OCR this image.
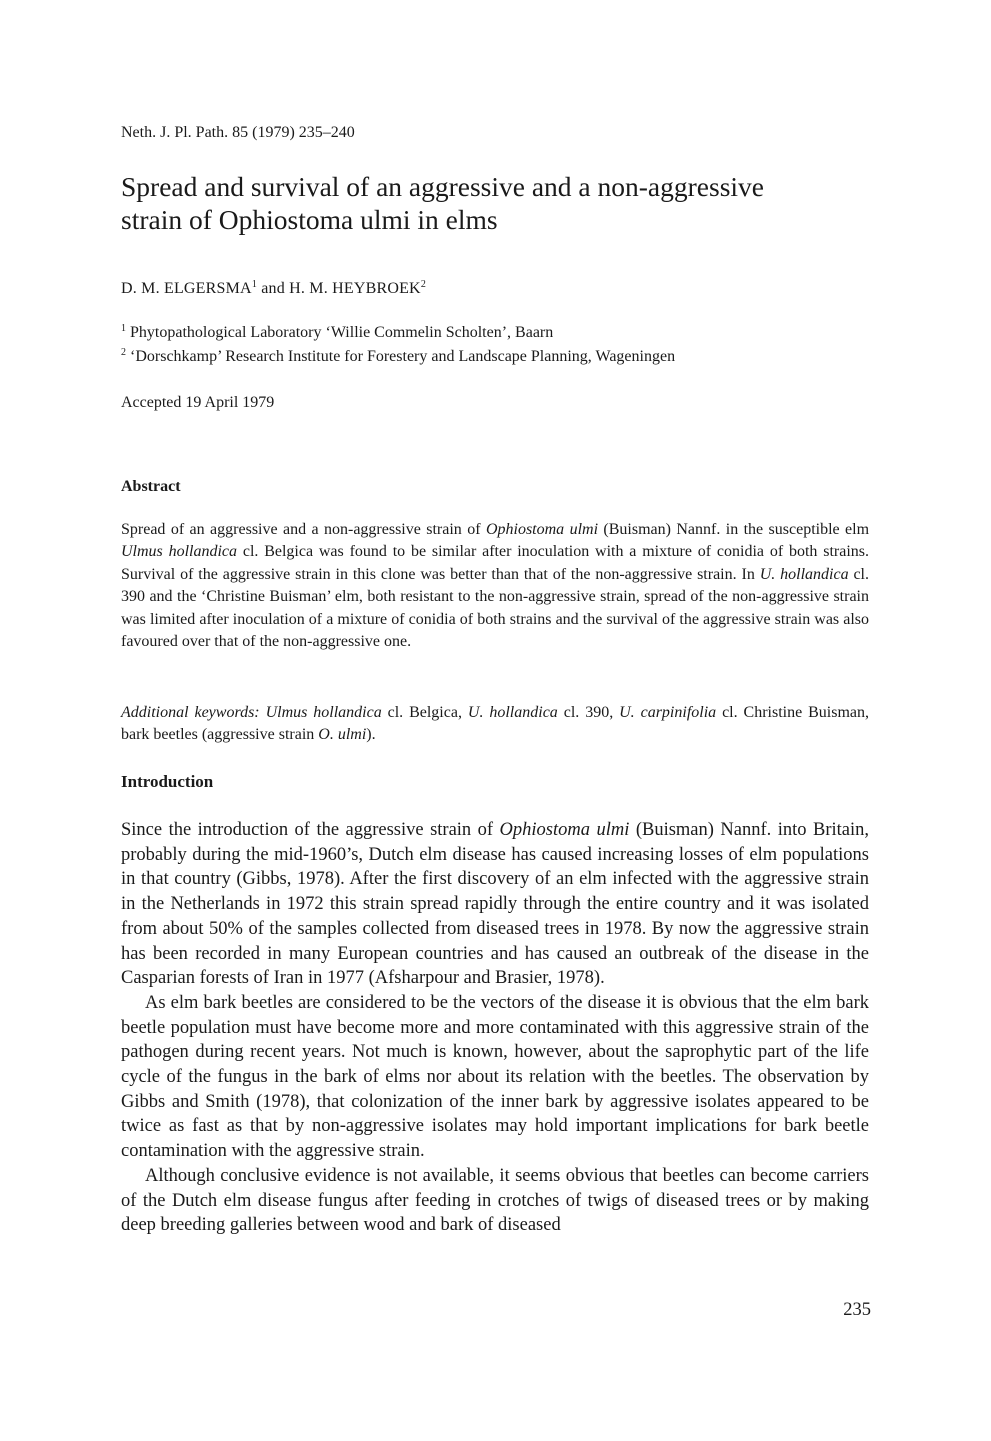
Neth. J. Pl. Path. 85 (1979) 235–240
Spread and survival of an aggressive and a non-aggressive
strain of Ophiostoma ulmi in elms
D. M. ELGERSMA$^1$ and H. M. HEYBROEK$^2$
$^1$ Phytopathological Laboratory ‘Willie Commelin Scholten’, Baarn
$^2$ ‘Dorschkamp’ Research Institute for Forestery and Landscape Planning, Wageningen
Accepted 19 April 1979
Abstract

Spread of an aggressive and a non-aggressive strain of Ophiostoma ulmi (Buisman) Nannf. in the susceptible elm Ulmus hollandica cl. Belgica was found to be similar after inoculation with a mixture of conidia of both strains. Survival of the aggressive strain in this clone was better than that of the non-aggressive strain. In U. hollandica cl. 390 and the ‘Christine Buisman’ elm, both resistant to the non-aggressive strain, spread of the non-aggressive strain was limited after inoculation of a mixture of conidia of both strains and the survival of the aggressive strain was also favoured over that of the non-aggressive one.

Additional keywords: Ulmus hollandica cl. Belgica, U. hollandica cl. 390, U. carpinifolia cl. Christine Buisman, bark beetles (aggressive strain O. ulmi).

Introduction

Since the introduction of the aggressive strain of Ophiostoma ulmi (Buisman) Nannf. into Britain, probably during the mid-1960’s, Dutch elm disease has caused increasing losses of elm populations in that country (Gibbs, 1978). After the first discovery of an elm infected with the aggressive strain in the Netherlands in 1972 this strain spread rapidly through the entire country and it was isolated from about 50% of the samples collected from diseased trees in 1978. By now the aggressive strain has been recorded in many European countries and has caused an outbreak of the disease in the Casparian forests of Iran in 1977 (Afsharpour and Brasier, 1978).

As elm bark beetles are considered to be the vectors of the disease it is obvious that the elm bark beetle population must have become more and more contaminated with this aggressive strain of the pathogen during recent years. Not much is known, however, about the saprophytic part of the life cycle of the fungus in the bark of elms nor about its relation with the beetles. The observation by Gibbs and Smith (1978), that colonization of the inner bark by aggressive isolates appeared to be twice as fast as that by non-aggressive isolates may hold important implications for bark beetle contamination with the aggressive strain.

Although conclusive evidence is not available, it seems obvious that beetles can become carriers of the Dutch elm disease fungus after feeding in crotches of twigs of diseased trees or by making deep breeding galleries between wood and bark of diseased

235
